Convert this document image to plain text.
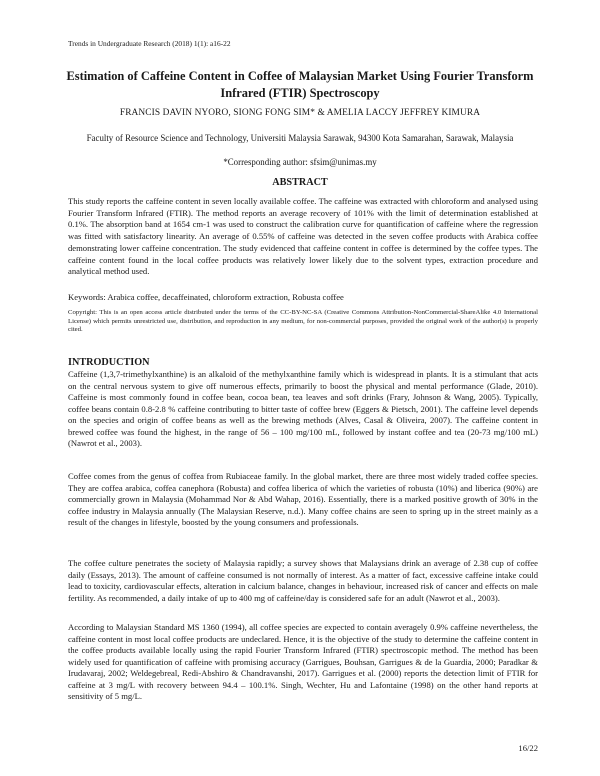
Trends in Undergraduate Research (2018) 1(1): a16-22
Estimation of Caffeine Content in Coffee of Malaysian Market Using Fourier Transform Infrared (FTIR) Spectroscopy
FRANCIS DAVIN NYORO, SIONG FONG SIM* & AMELIA LACCY JEFFREY KIMURA
Faculty of Resource Science and Technology, Universiti Malaysia Sarawak, 94300 Kota Samarahan, Sarawak, Malaysia
*Corresponding author: sfsim@unimas.my
ABSTRACT
This study reports the caffeine content in seven locally available coffee. The caffeine was extracted with chloroform and analysed using Fourier Transform Infrared (FTIR). The method reports an average recovery of 101% with the limit of determination established at 0.1%. The absorption band at 1654 cm-1 was used to construct the calibration curve for quantification of caffeine where the regression was fitted with satisfactory linearity. An average of 0.55% of caffeine was detected in the seven coffee products with Arabica coffee demonstrating lower caffeine concentration. The study evidenced that caffeine content in coffee is determined by the coffee types. The caffeine content found in the local coffee products was relatively lower likely due to the solvent types, extraction procedure and analytical method used.
Keywords: Arabica coffee, decaffeinated, chloroform extraction, Robusta coffee
Copyright: This is an open access article distributed under the terms of the CC-BY-NC-SA (Creative Commons Attribution-NonCommercial-ShareAlike 4.0 International License) which permits unrestricted use, distribution, and reproduction in any medium, for non-commercial purposes, provided the original work of the author(s) is properly cited.
INTRODUCTION

Caffeine (1,3,7-trimethylxanthine) is an alkaloid of the methylxanthine family which is widespread in plants. It is a stimulant that acts on the central nervous system to give off numerous effects, primarily to boost the physical and mental performance (Glade, 2010). Caffeine is most commonly found in coffee bean, cocoa bean, tea leaves and soft drinks (Frary, Johnson & Wang, 2005). Typically, coffee beans contain 0.8-2.8 % caffeine contributing to bitter taste of coffee brew (Eggers & Pietsch, 2001). The caffeine level depends on the species and origin of coffee beans as well as the brewing methods (Alves, Casal & Oliveira, 2007). The caffeine content in brewed coffee was found the highest, in the range of 56 – 100 mg/100 mL, followed by instant coffee and tea (20-73 mg/100 mL) (Nawrot et al., 2003).

Coffee comes from the genus of coffea from Rubiaceae family. In the global market, there are three most widely traded coffee species. They are coffea arabica, coffea canephora (Robusta) and coffea liberica of which the varieties of robusta (10%) and liberica (90%) are commercially grown in Malaysia (Mohammad Nor & Abd Wahap, 2016). Essentially, there is a marked positive growth of 30% in the coffee industry in Malaysia annually (The Malaysian Reserve, n.d.). Many coffee chains are seen to spring up in the street mainly as a result of the changes in lifestyle, boosted by the young consumers and professionals.

The coffee culture penetrates the society of Malaysia rapidly; a survey shows that Malaysians drink an average of 2.38 cup of coffee daily (Essays, 2013). The amount of caffeine consumed is not normally of interest. As a matter of fact, excessive caffeine intake could lead to toxicity, cardiovascular effects, alteration in calcium balance, changes in behaviour, increased risk of cancer and effects on male fertility. As recommended, a daily intake of up to 400 mg of caffeine/day is considered safe for an adult (Nawrot et al., 2003).

According to Malaysian Standard MS 1360 (1994), all coffee species are expected to contain averagely 0.9% caffeine nevertheless, the caffeine content in most local coffee products are undeclared. Hence, it is the objective of the study to determine the caffeine content in the coffee products available locally using the rapid Fourier Transform Infrared (FTIR) spectroscopic method. The method has been widely used for quantification of caffeine with promising accuracy (Garrigues, Bouhsan, Garrigues & de la Guardia, 2000; Paradkar & Irudavaraj, 2002; Weldegebreal, Redi-Abshiro & Chandravanshi, 2017). Garrigues et al. (2000) reports the detection limit of FTIR for caffeine at 3 mg/L with recovery between 94.4 – 100.1%. Singh, Wechter, Hu and Lafontaine (1998) on the other hand reports at sensitivity of 5 mg/L.

16/22
